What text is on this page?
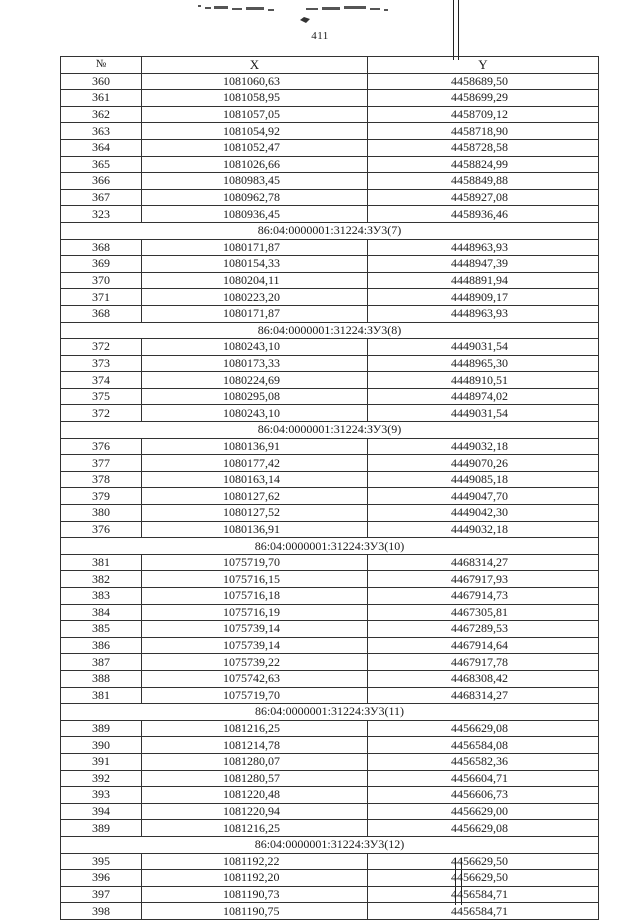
411
№	X	Y
360	1081060,63	4458689,50
361	1081058,95	4458699,29
362	1081057,05	4458709,12
363	1081054,92	4458718,90
364	1081052,47	4458728,58
365	1081026,66	4458824,99
366	1080983,45	4458849,88
367	1080962,78	4458927,08
323	1080936,45	4458936,46
86:04:0000001:31224:ЗУ3(7)		
368	1080171,87	4448963,93
369	1080154,33	4448947,39
370	1080204,11	4448891,94
371	1080223,20	4448909,17
368	1080171,87	4448963,93
86:04:0000001:31224:ЗУ3(8)		
372	1080243,10	4449031,54
373	1080173,33	4448965,30
374	1080224,69	4448910,51
375	1080295,08	4448974,02
372	1080243,10	4449031,54
86:04:0000001:31224:ЗУ3(9)		
376	1080136,91	4449032,18
377	1080177,42	4449070,26
378	1080163,14	4449085,18
379	1080127,62	4449047,70
380	1080127,52	4449042,30
376	1080136,91	4449032,18
86:04:0000001:31224:ЗУ3(10)		
381	1075719,70	4468314,27
382	1075716,15	4467917,93
383	1075716,18	4467914,73
384	1075716,19	4467305,81
385	1075739,14	4467289,53
386	1075739,14	4467914,64
387	1075739,22	4467917,78
388	1075742,63	4468308,42
381	1075719,70	4468314,27
86:04:0000001:31224:ЗУ3(11)		
389	1081216,25	4456629,08
390	1081214,78	4456584,08
391	1081280,07	4456582,36
392	1081280,57	4456604,71
393	1081220,48	4456606,73
394	1081220,94	4456629,00
389	1081216,25	4456629,08
86:04:0000001:31224:ЗУ3(12)		
395	1081192,22	4456629,50
396	1081192,20	4456629,50
397	1081190,73	4456584,71
398	1081190,75	4456584,71
